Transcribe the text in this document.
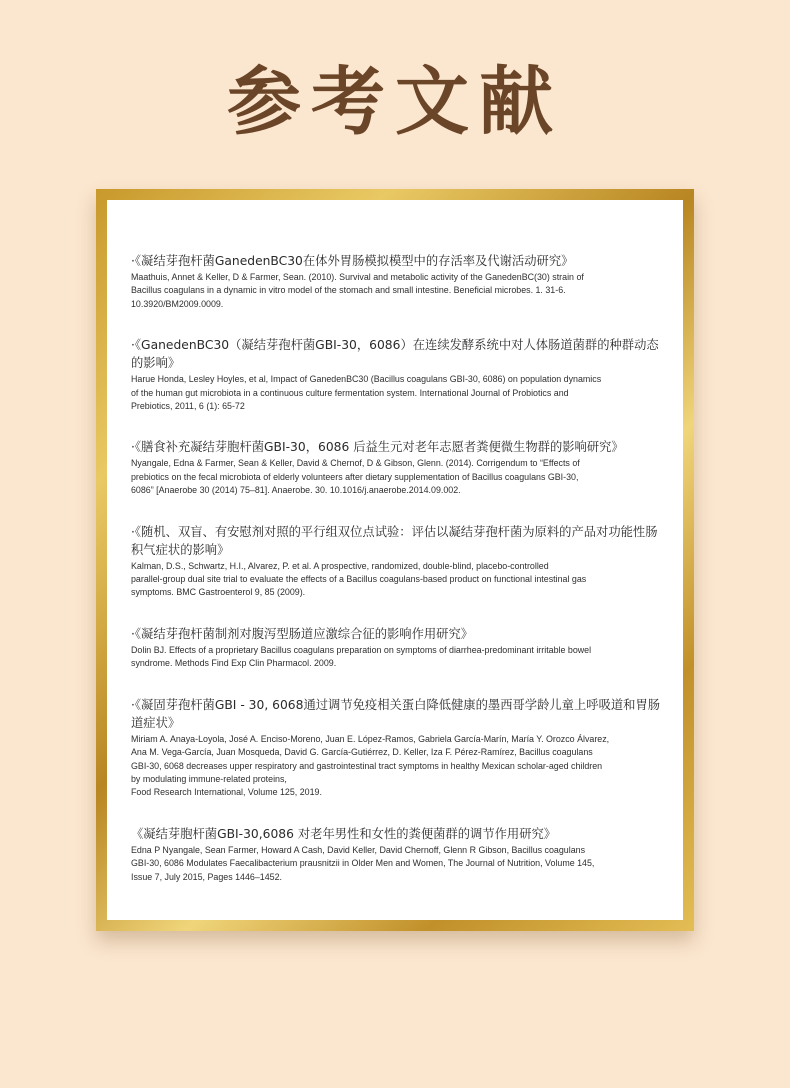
参考文献
·《凝结芽孢杆菌GanedenBC30在体外胃肠模拟模型中的存活率及代谢活动研究》
Maathuis, Annet & Keller, D & Farmer, Sean. (2010). Survival and metabolic activity of the GanedenBC(30) strain of
Bacillus coagulans in a dynamic in vitro model of the stomach and small intestine. Beneficial microbes. 1. 31-6.
10.3920/BM2009.0009.
·《GanedenBC30（凝结芽孢杆菌GBI-30，6086）在连续发酵系统中对人体肠道菌群的种群动态的影响》
Harue Honda, Lesley Hoyles, et al, Impact of GanedenBC30 (Bacillus coagulans GBI-30, 6086) on population dynamics
of the human gut microbiota in a continuous culture fermentation system. International Journal of Probiotics and
Prebiotics, 2011, 6 (1): 65-72
·《膳食补充凝结芽胞杆菌GBI-30，6086 后益生元对老年志愿者粪便微生物群的影响研究》
Nyangale, Edna & Farmer, Sean & Keller, David & Chernof, D & Gibson, Glenn. (2014). Corrigendum to “Effects of
prebiotics on the fecal microbiota of elderly volunteers after dietary supplementation of Bacillus coagulans GBI-30,
6086” [Anaerobe 30 (2014) 75–81]. Anaerobe. 30. 10.1016/j.anaerobe.2014.09.002.
·《随机、双盲、有安慰剂对照的平行组双位点试验：评估以凝结芽孢杆菌为原料的产品对功能性肠积气症状的影响》
Kalman, D.S., Schwartz, H.I., Alvarez, P. et al. A prospective, randomized, double-blind, placebo-controlled
parallel-group dual site trial to evaluate the effects of a Bacillus coagulans-based product on functional intestinal gas
symptoms. BMC Gastroenterol 9, 85 (2009).
·《凝结芽孢杆菌制剂对腹泻型肠道应激综合征的影响作用研究》
Dolin BJ. Effects of a proprietary Bacillus coagulans preparation on symptoms of diarrhea-predominant irritable bowel
syndrome. Methods Find Exp Clin Pharmacol. 2009.
·《凝固芽孢杆菌GBI - 30, 6068通过调节免疫相关蛋白降低健康的墨西哥学龄儿童上呼吸道和胃肠道症状》
Miriam A. Anaya-Loyola, José A. Enciso-Moreno, Juan E. López-Ramos, Gabriela García-Marín, María Y. Orozco Álvarez,
Ana M. Vega-García, Juan Mosqueda, David G. García-Gutiérrez, D. Keller, Iza F. Pérez-Ramírez, Bacillus coagulans
GBI-30, 6068 decreases upper respiratory and gastrointestinal tract symptoms in healthy Mexican scholar-aged children
by modulating immune-related proteins,
Food Research International, Volume 125, 2019.
《凝结芽胞杆菌GBI-30,6086 对老年男性和女性的粪便菌群的调节作用研究》
Edna P Nyangale, Sean Farmer, Howard A Cash, David Keller, David Chernoff, Glenn R Gibson, Bacillus coagulans
GBI-30, 6086 Modulates Faecalibacterium prausnitzii in Older Men and Women, The Journal of Nutrition, Volume 145,
Issue 7, July 2015, Pages 1446–1452.
